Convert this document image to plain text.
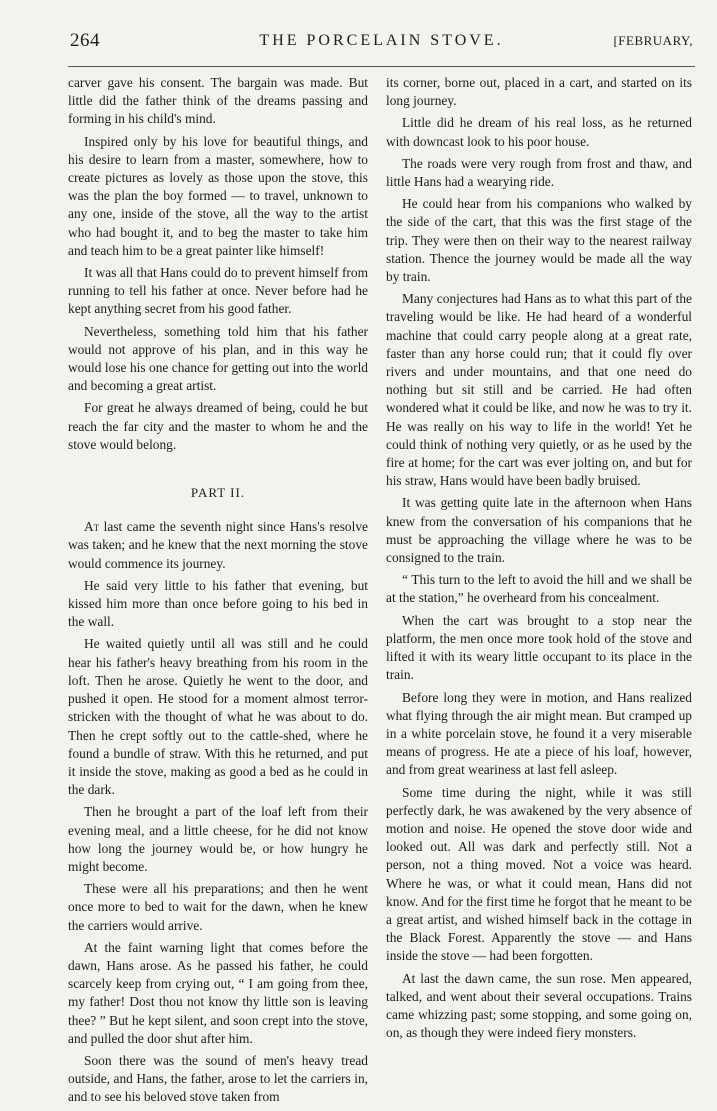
264	THE PORCELAIN STOVE.	[FEBRUARY,

carver gave his consent. The bargain was made. But little did the father think of the dreams passing and forming in his child's mind.

Inspired only by his love for beautiful things, and his desire to learn from a master, somewhere, how to create pictures as lovely as those upon the stove, this was the plan the boy formed — to travel, unknown to any one, inside of the stove, all the way to the artist who had bought it, and to beg the master to take him and teach him to be a great painter like himself!

It was all that Hans could do to prevent himself from running to tell his father at once. Never before had he kept anything secret from his good father.

Nevertheless, something told him that his father would not approve of his plan, and in this way he would lose his one chance for getting out into the world and becoming a great artist.

For great he always dreamed of being, could he but reach the far city and the master to whom he and the stove would belong.

PART II.

At last came the seventh night since Hans's resolve was taken; and he knew that the next morning the stove would commence its journey.

He said very little to his father that evening, but kissed him more than once before going to his bed in the wall.

He waited quietly until all was still and he could hear his father's heavy breathing from his room in the loft. Then he arose. Quietly he went to the door, and pushed it open. He stood for a moment almost terror-stricken with the thought of what he was about to do. Then he crept softly out to the cattle-shed, where he found a bundle of straw. With this he returned, and put it inside the stove, making as good a bed as he could in the dark.

Then he brought a part of the loaf left from their evening meal, and a little cheese, for he did not know how long the journey would be, or how hungry he might become.

These were all his preparations; and then he went once more to bed to wait for the dawn, when he knew the carriers would arrive.

At the faint warning light that comes before the dawn, Hans arose. As he passed his father, he could scarcely keep from crying out, “ I am going from thee, my father! Dost thou not know thy little son is leaving thee? ” But he kept silent, and soon crept into the stove, and pulled the door shut after him.

Soon there was the sound of men's heavy tread outside, and Hans, the father, arose to let the carriers in, and to see his beloved stove taken from

its corner, borne out, placed in a cart, and started on its long journey.

Little did he dream of his real loss, as he returned with downcast look to his poor house.

The roads were very rough from frost and thaw, and little Hans had a wearying ride.

He could hear from his companions who walked by the side of the cart, that this was the first stage of the trip. They were then on their way to the nearest railway station. Thence the journey would be made all the way by train.

Many conjectures had Hans as to what this part of the traveling would be like. He had heard of a wonderful machine that could carry people along at a great rate, faster than any horse could run; that it could fly over rivers and under mountains, and that one need do nothing but sit still and be carried. He had often wondered what it could be like, and now he was to try it. He was really on his way to life in the world! Yet he could think of nothing very quietly, or as he used by the fire at home; for the cart was ever jolting on, and but for his straw, Hans would have been badly bruised.

It was getting quite late in the afternoon when Hans knew from the conversation of his companions that he must be approaching the village where he was to be consigned to the train.

“ This turn to the left to avoid the hill and we shall be at the station,” he overheard from his concealment.

When the cart was brought to a stop near the platform, the men once more took hold of the stove and lifted it with its weary little occupant to its place in the train.

Before long they were in motion, and Hans realized what flying through the air might mean. But cramped up in a white porcelain stove, he found it a very miserable means of progress. He ate a piece of his loaf, however, and from great weariness at last fell asleep.

Some time during the night, while it was still perfectly dark, he was awakened by the very absence of motion and noise. He opened the stove door wide and looked out. All was dark and perfectly still. Not a person, not a thing moved. Not a voice was heard. Where he was, or what it could mean, Hans did not know. And for the first time he forgot that he meant to be a great artist, and wished himself back in the cottage in the Black Forest. Apparently the stove — and Hans inside the stove — had been forgotten.

At last the dawn came, the sun rose. Men appeared, talked, and went about their several occupations. Trains came whizzing past; some stopping, and some going on, on, as though they were indeed fiery monsters.
